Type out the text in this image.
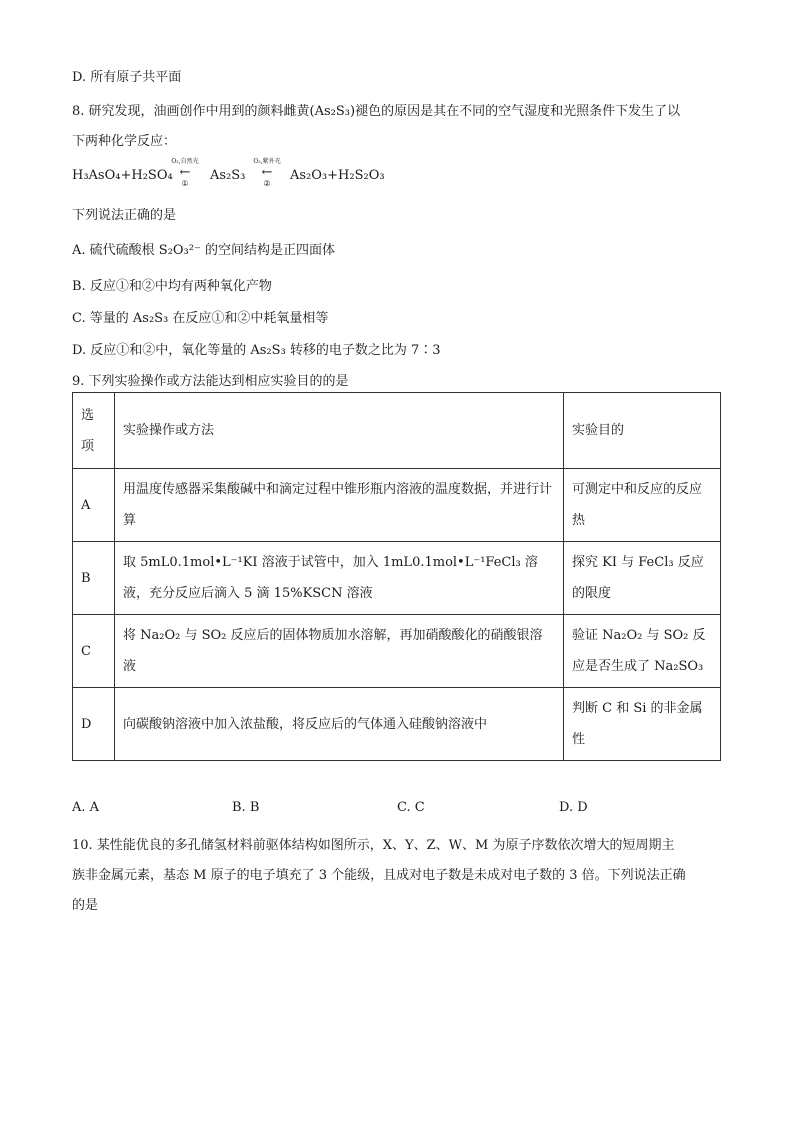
D. 所有原子共平面
8. 研究发现，油画创作中用到的颜料雌黄(As₂S₃)褪色的原因是其在不同的空气湿度和光照条件下发生了以
下两种化学反应：
H₃AsO₄+H₂SO₄
O₂,自然光
←
①
As₂S₃
O₂,紫外光
←
②
As₂O₃+H₂S₂O₃
下列说法正确的是
A. 硫代硫酸根 S₂O₃²⁻ 的空间结构是正四面体
B. 反应①和②中均有两种氧化产物
C. 等量的 As₂S₃ 在反应①和②中耗氧量相等
D. 反应①和②中，氧化等量的 As₂S₃ 转移的电子数之比为 7∶3
9. 下列实验操作或方法能达到相应实验目的的是
选项	实验操作或方法	实验目的
A	用温度传感器采集酸碱中和滴定过程中锥形瓶内溶液的温度数据，并进行计算	可测定中和反应的反应热
B	取 5mL0.1mol•L⁻¹KI 溶液于试管中，加入 1mL0.1mol•L⁻¹FeCl₃ 溶液，充分反应后滴入 5 滴 15%KSCN 溶液	探究 KI 与 FeCl₃ 反应的限度
C	将 Na₂O₂ 与 SO₂ 反应后的固体物质加水溶解，再加硝酸酸化的硝酸银溶液	验证 Na₂O₂ 与 SO₂ 反应是否生成了 Na₂SO₃
D	向碳酸钠溶液中加入浓盐酸，将反应后的气体通入硅酸钠溶液中	判断 C 和 Si 的非金属性
A. A	B. B	C. C	D. D
10. 某性能优良的多孔储氢材料前驱体结构如图所示，X、Y、Z、W、M 为原子序数依次增大的短周期主
族非金属元素，基态 M 原子的电子填充了 3 个能级，且成对电子数是未成对电子数的 3 倍。下列说法正确
的是
